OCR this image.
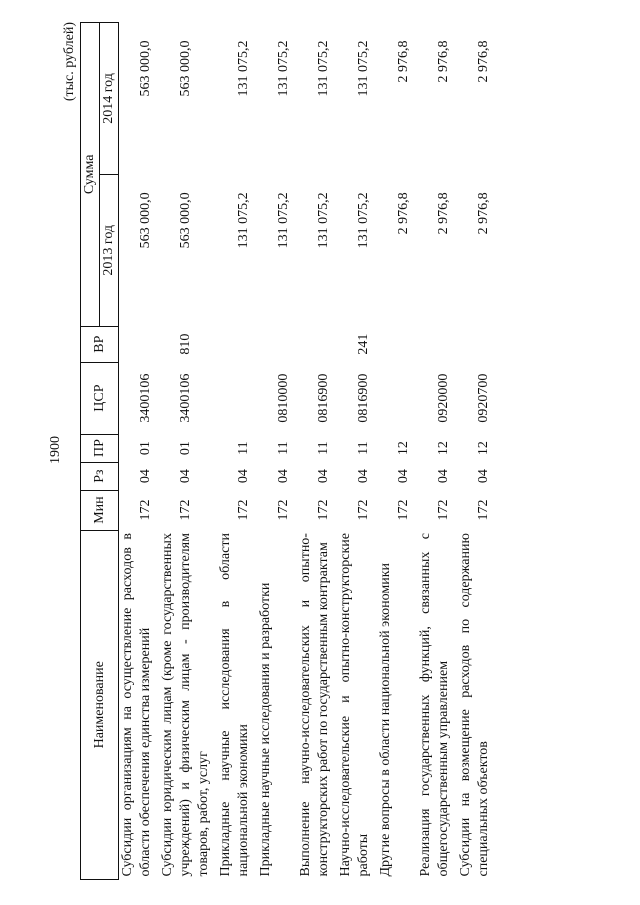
1900
(тыс. рублей)
Наименование	Мин	Рз	ПР	ЦСР	ВР	Сумма	
						2013 год	2014 год
Субсидии организациям на осуществление расходов в области обеспечения единства измерений	172	04	01	3400106		563 000,0	563 000,0
Субсидии юридическим лицам (кроме государственных учреждений) и физическим лицам - производителям товаров, работ, услуг	172	04	01	3400106	810	563 000,0	563 000,0
Прикладные научные исследования в области национальной экономики	172	04	11			131 075,2	131 075,2
Прикладные научные исследования и разработки	172	04	11	0810000		131 075,2	131 075,2
Выполнение научно-исследовательских и опытно-конструкторских работ по государственным контрактам	172	04	11	0816900		131 075,2	131 075,2
Научно-исследовательские и опытно-конструкторские работы	172	04	11	0816900	241	131 075,2	131 075,2
Другие вопросы в области национальной экономики	172	04	12			2 976,8	2 976,8
Реализация государственных функций, связанных с общегосударственным управлением	172	04	12	0920000		2 976,8	2 976,8
Субсидии на возмещение расходов по содержанию специальных объектов	172	04	12	0920700		2 976,8	2 976,8
